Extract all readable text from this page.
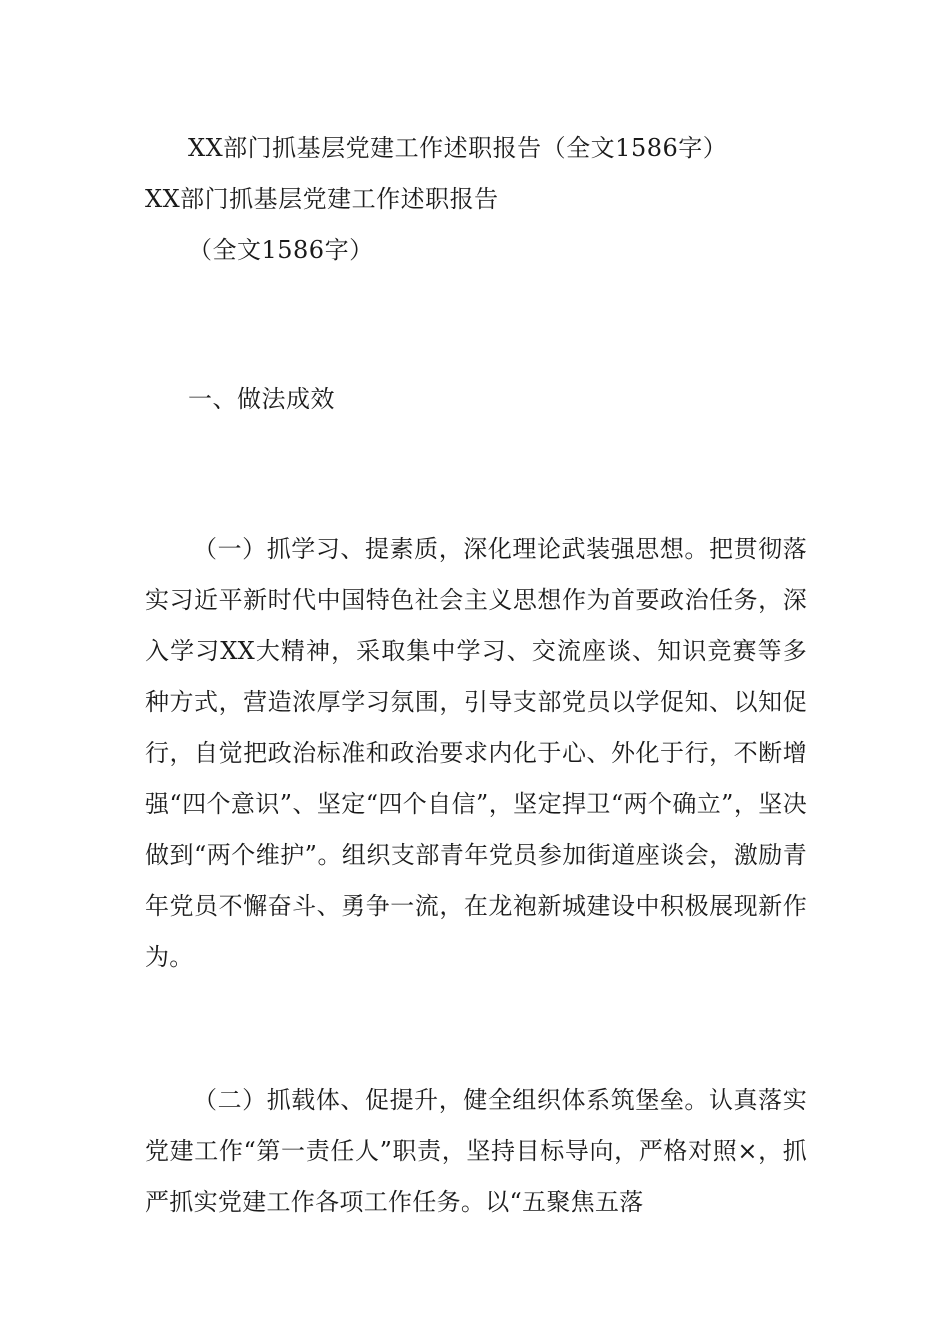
XX部门抓基层党建工作述职报告（全文1586字）
XX部门抓基层党建工作述职报告
（全文1586字）
一、做法成效
（一）抓学习、提素质，深化理论武装强思想。把贯彻落实习近平新时代中国特色社会主义思想作为首要政治任务，深入学习XX大精神，采取集中学习、交流座谈、知识竞赛等多种方式，营造浓厚学习氛围，引导支部党员以学促知、以知促行，自觉把政治标准和政治要求内化于心、外化于行，不断增强“四个意识”、坚定“四个自信”，坚定捍卫“两个确立”，坚决做到“两个维护”。组织支部青年党员参加街道座谈会，激励青年党员不懈奋斗、勇争一流，在龙袍新城建设中积极展现新作为。
（二）抓载体、促提升，健全组织体系筑堡垒。认真落实党建工作“第一责任人”职责，坚持目标导向，严格对照×，抓严抓实党建工作各项工作任务。以“五聚焦五落
